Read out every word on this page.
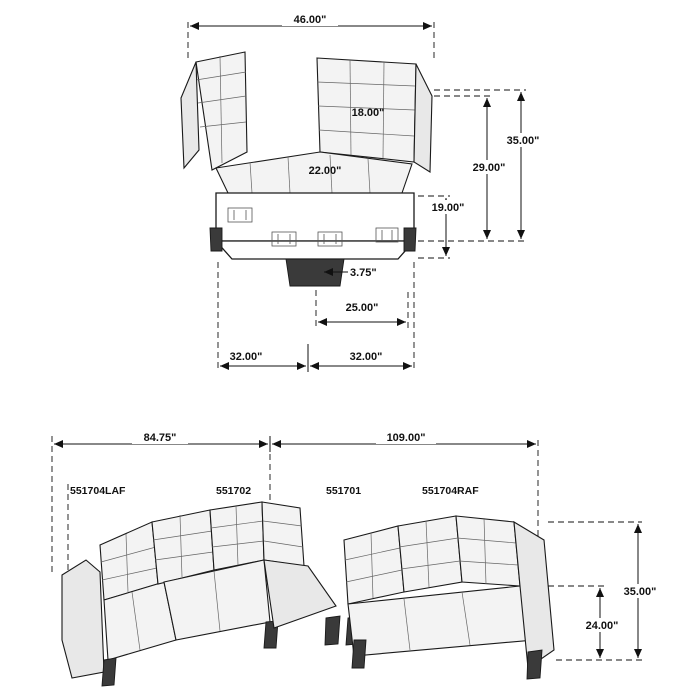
46.00"
18.00"
35.00"
29.00"
22.00"
19.00"
3.75"
25.00"
32.00"	32.00"
84.75"	109.00"
35.00"
24.00"
551704LAF	551702	551701	551704RAF
